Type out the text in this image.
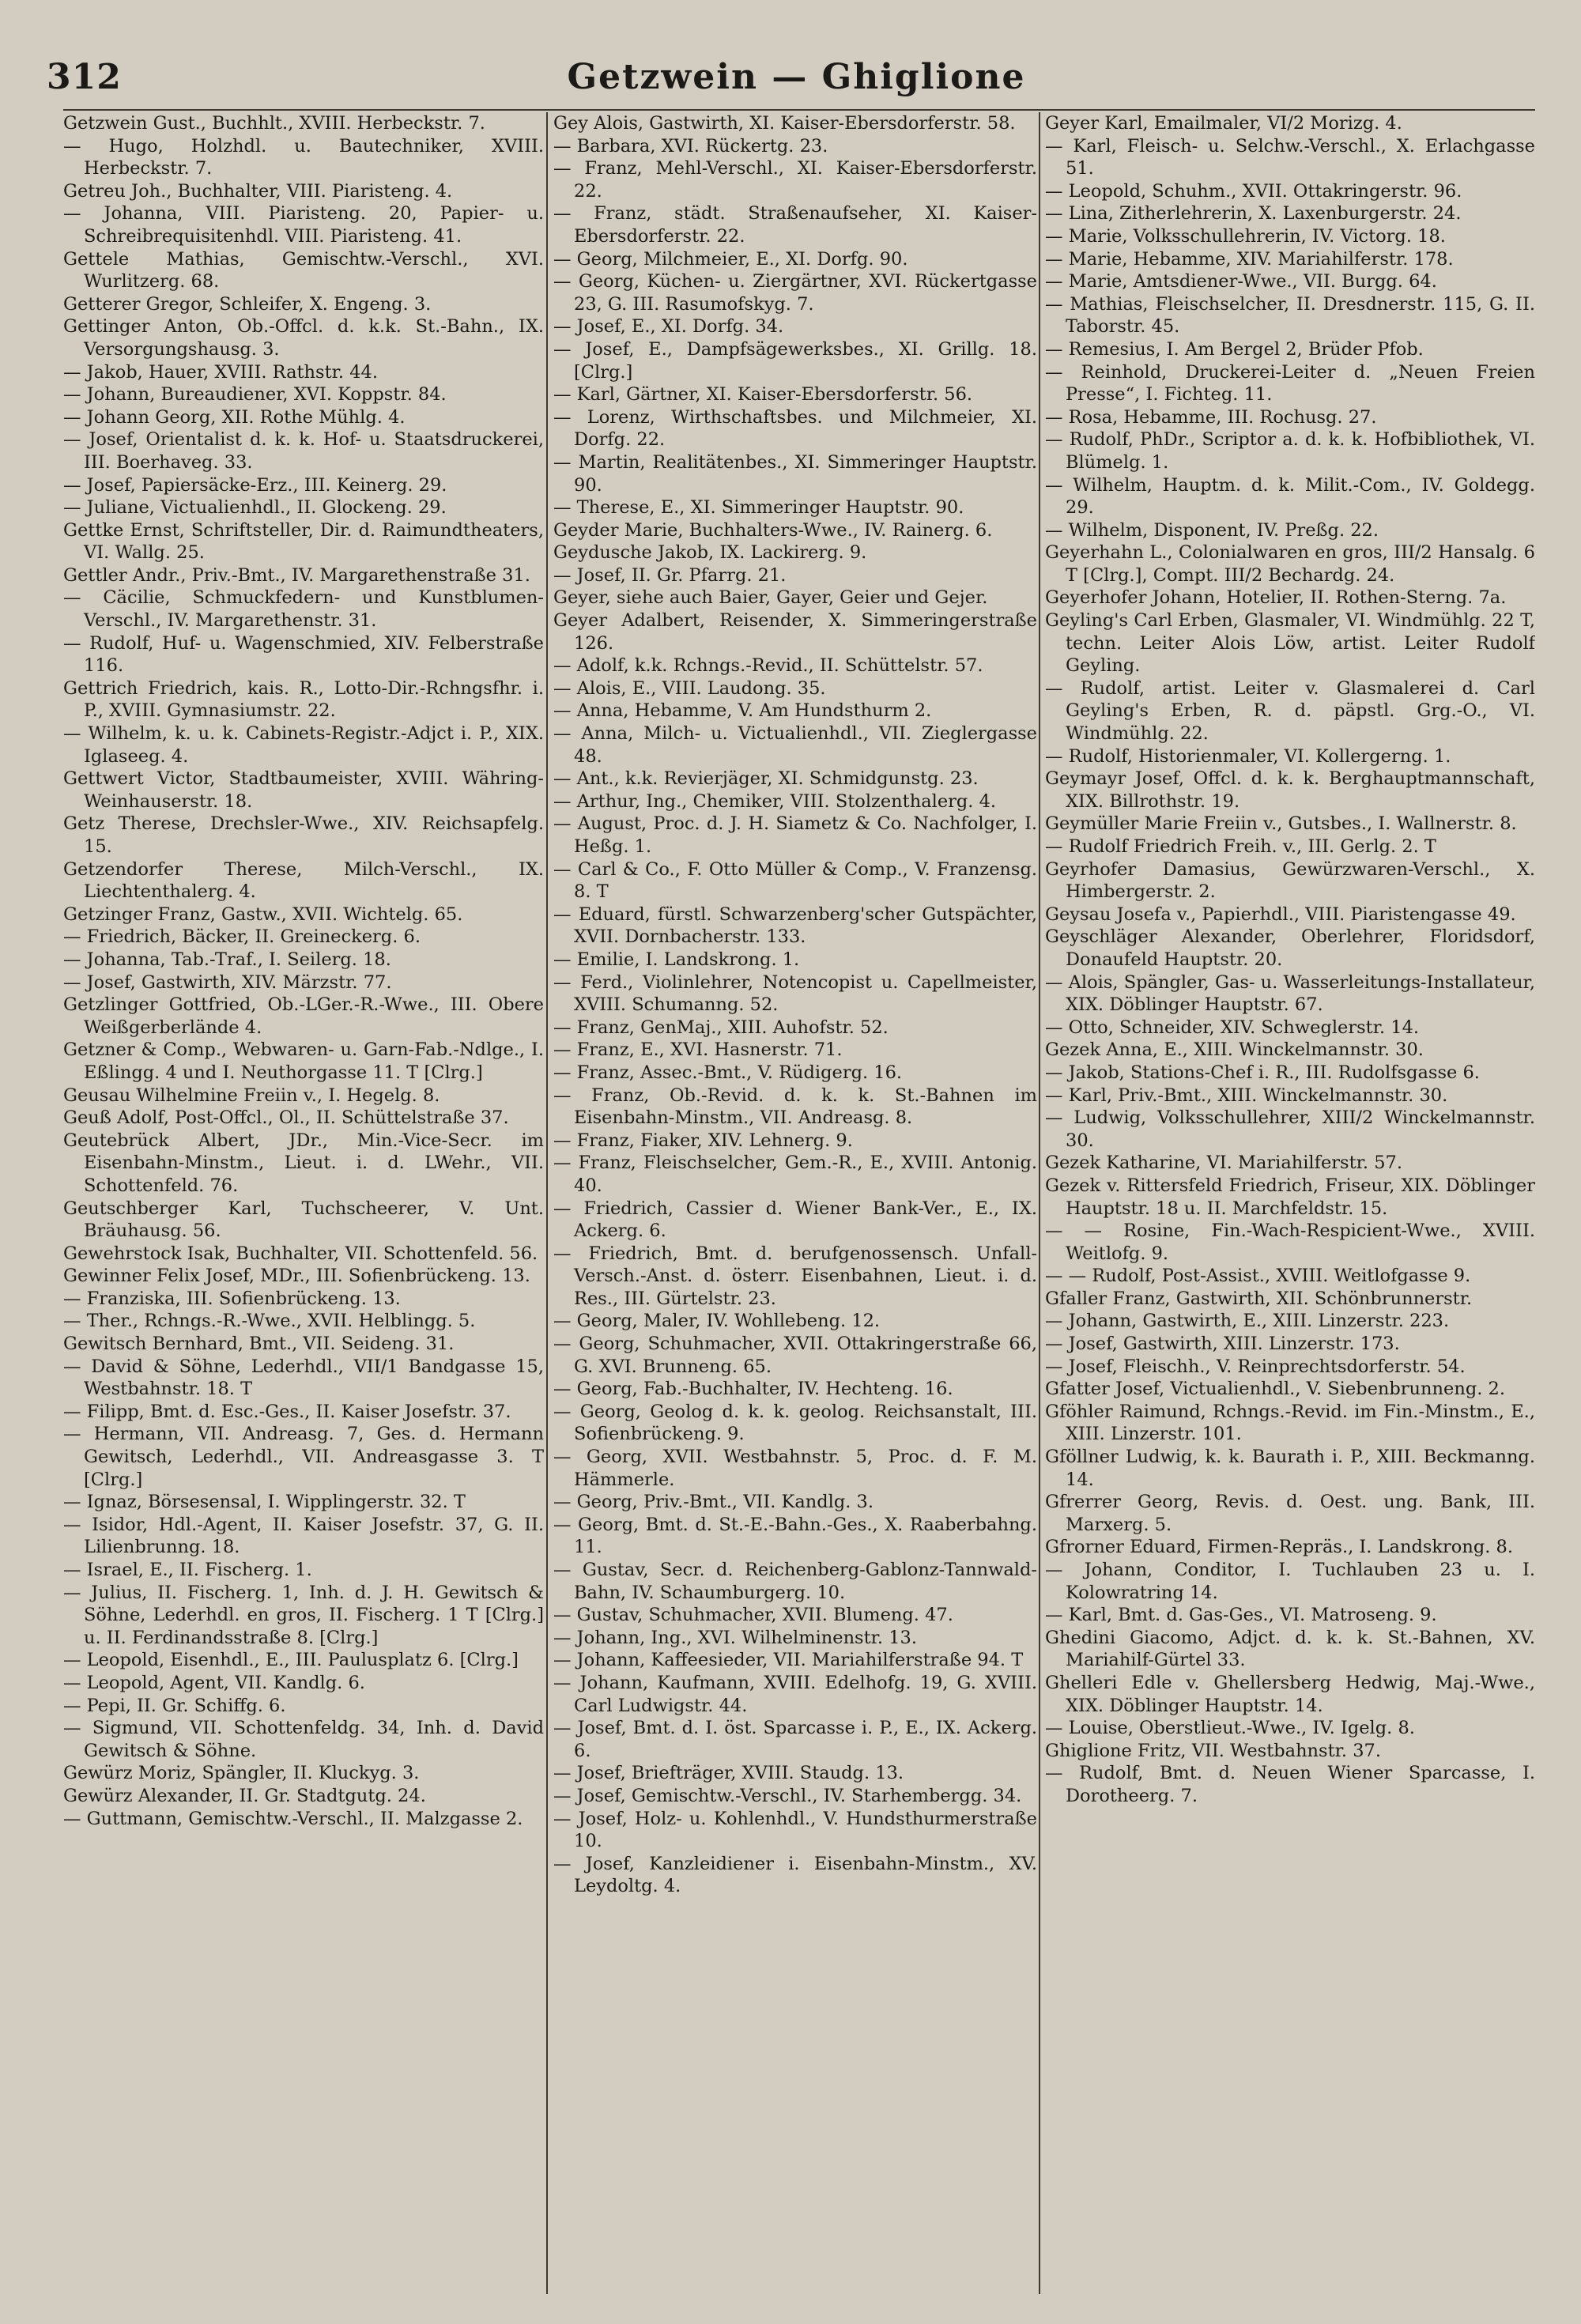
312	Getzwein — Ghiglione

Getzwein Gust., Buchhlt., XVIII. Herbeckstr. 7.

— Hugo, Holzhdl. u. Bautechniker, XVIII. Herbeckstr. 7.

Getreu Joh., Buchhalter, VIII. Piaristeng. 4.

— Johanna, VIII. Piaristeng. 20, Papier- u. Schreibrequisitenhdl. VIII. Piaristeng. 41.

Gettele Mathias, Gemischtw.-Verschl., XVI. Wurlitzerg. 68.

Getterer Gregor, Schleifer, X. Engeng. 3.

Gettinger Anton, Ob.-Offcl. d. k.k. St.-Bahn., IX. Versorgungshausg. 3.

— Jakob, Hauer, XVIII. Rathstr. 44.

— Johann, Bureaudiener, XVI. Koppstr. 84.

— Johann Georg, XII. Rothe Mühlg. 4.

— Josef, Orientalist d. k. k. Hof- u. Staatsdruckerei, III. Boerhaveg. 33.

— Josef, Papiersäcke-Erz., III. Keinerg. 29.

— Juliane, Victualienhdl., II. Glockeng. 29.

Gettke Ernst, Schriftsteller, Dir. d. Raimundtheaters, VI. Wallg. 25.

Gettler Andr., Priv.-Bmt., IV. Margarethenstraße 31.

— Cäcilie, Schmuckfedern- und Kunstblumen-Verschl., IV. Margarethenstr. 31.

— Rudolf, Huf- u. Wagenschmied, XIV. Felberstraße 116.

Gettrich Friedrich, kais. R., Lotto-Dir.-Rchngsfhr. i. P., XVIII. Gymnasiumstr. 22.

— Wilhelm, k. u. k. Cabinets-Registr.-Adjct i. P., XIX. Iglaseeg. 4.

Gettwert Victor, Stadtbaumeister, XVIII. Währing-Weinhauserstr. 18.

Getz Therese, Drechsler-Wwe., XIV. Reichsapfelg. 15.

Getzendorfer Therese, Milch-Verschl., IX. Liechtenthalerg. 4.

Getzinger Franz, Gastw., XVII. Wichtelg. 65.

— Friedrich, Bäcker, II. Greineckerg. 6.

— Johanna, Tab.-Traf., I. Seilerg. 18.

— Josef, Gastwirth, XIV. Märzstr. 77.

Getzlinger Gottfried, Ob.-LGer.-R.-Wwe., III. Obere Weißgerberlände 4.

Getzner & Comp., Webwaren- u. Garn-Fab.-Ndlge., I. Eßlingg. 4 und I. Neuthorgasse 11. T [Clrg.]

Geusau Wilhelmine Freiin v., I. Hegelg. 8.

Geuß Adolf, Post-Offcl., Ol., II. Schüttelstraße 37.

Geutebrück Albert, JDr., Min.-Vice-Secr. im Eisenbahn-Minstm., Lieut. i. d. LWehr., VII. Schottenfeld. 76.

Geutschberger Karl, Tuchscheerer, V. Unt. Bräuhausg. 56.

Gewehrstock Isak, Buchhalter, VII. Schottenfeld. 56.

Gewinner Felix Josef, MDr., III. Sofienbrückeng. 13.

— Franziska, III. Sofienbrückeng. 13.

— Ther., Rchngs.-R.-Wwe., XVII. Helblingg. 5.

Gewitsch Bernhard, Bmt., VII. Seideng. 31.

— David & Söhne, Lederhdl., VII/1 Bandgasse 15, Westbahnstr. 18. T

— Filipp, Bmt. d. Esc.-Ges., II. Kaiser Josefstr. 37.

— Hermann, VII. Andreasg. 7, Ges. d. Hermann Gewitsch, Lederhdl., VII. Andreasgasse 3. T [Clrg.]

— Ignaz, Börsesensal, I. Wipplingerstr. 32. T

— Isidor, Hdl.-Agent, II. Kaiser Josefstr. 37, G. II. Lilienbrunng. 18.

— Israel, E., II. Fischerg. 1.

— Julius, II. Fischerg. 1, Inh. d. J. H. Gewitsch & Söhne, Lederhdl. en gros, II. Fischerg. 1 T [Clrg.] u. II. Ferdinandsstraße 8. [Clrg.]

— Leopold, Eisenhdl., E., III. Paulusplatz 6. [Clrg.]

— Leopold, Agent, VII. Kandlg. 6.

— Pepi, II. Gr. Schiffg. 6.

— Sigmund, VII. Schottenfeldg. 34, Inh. d. David Gewitsch & Söhne.

Gewürz Moriz, Spängler, II. Kluckyg. 3.

Gewürz Alexander, II. Gr. Stadtgutg. 24.

— Guttmann, Gemischtw.-Verschl., II. Malzgasse 2.

Gey Alois, Gastwirth, XI. Kaiser-Ebersdorferstr. 58.

— Barbara, XVI. Rückertg. 23.

— Franz, Mehl-Verschl., XI. Kaiser-Ebersdorferstr. 22.

— Franz, städt. Straßenaufseher, XI. Kaiser-Ebersdorferstr. 22.

— Georg, Milchmeier, E., XI. Dorfg. 90.

— Georg, Küchen- u. Ziergärtner, XVI. Rückertgasse 23, G. III. Rasumofskyg. 7.

— Josef, E., XI. Dorfg. 34.

— Josef, E., Dampfsägewerksbes., XI. Grillg. 18. [Clrg.]

— Karl, Gärtner, XI. Kaiser-Ebersdorferstr. 56.

— Lorenz, Wirthschaftsbes. und Milchmeier, XI. Dorfg. 22.

— Martin, Realitätenbes., XI. Simmeringer Hauptstr. 90.

— Therese, E., XI. Simmeringer Hauptstr. 90.

Geyder Marie, Buchhalters-Wwe., IV. Rainerg. 6.

Geydusche Jakob, IX. Lackirerg. 9.

— Josef, II. Gr. Pfarrg. 21.

Geyer, siehe auch Baier, Gayer, Geier und Gejer.

Geyer Adalbert, Reisender, X. Simmeringerstraße 126.

— Adolf, k.k. Rchngs.-Revid., II. Schüttelstr. 57.

— Alois, E., VIII. Laudong. 35.

— Anna, Hebamme, V. Am Hundsthurm 2.

— Anna, Milch- u. Victualienhdl., VII. Zieglergasse 48.

— Ant., k.k. Revierjäger, XI. Schmidgunstg. 23.

— Arthur, Ing., Chemiker, VIII. Stolzenthalerg. 4.

— August, Proc. d. J. H. Siametz & Co. Nachfolger, I. Heßg. 1.

— Carl & Co., F. Otto Müller & Comp., V. Franzensg. 8. T

— Eduard, fürstl. Schwarzenberg'scher Gutspächter, XVII. Dornbacherstr. 133.

— Emilie, I. Landskrong. 1.

— Ferd., Violinlehrer, Notencopist u. Capellmeister, XVIII. Schumanng. 52.

— Franz, GenMaj., XIII. Auhofstr. 52.

— Franz, E., XVI. Hasnerstr. 71.

— Franz, Assec.-Bmt., V. Rüdigerg. 16.

— Franz, Ob.-Revid. d. k. k. St.-Bahnen im Eisenbahn-Minstm., VII. Andreasg. 8.

— Franz, Fiaker, XIV. Lehnerg. 9.

— Franz, Fleischselcher, Gem.-R., E., XVIII. Antonig. 40.

— Friedrich, Cassier d. Wiener Bank-Ver., E., IX. Ackerg. 6.

— Friedrich, Bmt. d. berufgenossensch. Unfall-Versch.-Anst. d. österr. Eisenbahnen, Lieut. i. d. Res., III. Gürtelstr. 23.

— Georg, Maler, IV. Wohllebeng. 12.

— Georg, Schuhmacher, XVII. Ottakringerstraße 66, G. XVI. Brunneng. 65.

— Georg, Fab.-Buchhalter, IV. Hechteng. 16.

— Georg, Geolog d. k. k. geolog. Reichsanstalt, III. Sofienbrückeng. 9.

— Georg, XVII. Westbahnstr. 5, Proc. d. F. M. Hämmerle.

— Georg, Priv.-Bmt., VII. Kandlg. 3.

— Georg, Bmt. d. St.-E.-Bahn.-Ges., X. Raaberbahng. 11.

— Gustav, Secr. d. Reichenberg-Gablonz-Tannwald-Bahn, IV. Schaumburgerg. 10.

— Gustav, Schuhmacher, XVII. Blumeng. 47.

— Johann, Ing., XVI. Wilhelminenstr. 13.

— Johann, Kaffeesieder, VII. Mariahilferstraße 94. T

— Johann, Kaufmann, XVIII. Edelhofg. 19, G. XVIII. Carl Ludwigstr. 44.

— Josef, Bmt. d. I. öst. Sparcasse i. P., E., IX. Ackerg. 6.

— Josef, Briefträger, XVIII. Staudg. 13.

— Josef, Gemischtw.-Verschl., IV. Starhembergg. 34.

— Josef, Holz- u. Kohlenhdl., V. Hundsthurmerstraße 10.

— Josef, Kanzleidiener i. Eisenbahn-Minstm., XV. Leydoltg. 4.

Geyer Karl, Emailmaler, VI/2 Morizg. 4.

— Karl, Fleisch- u. Selchw.-Verschl., X. Erlachgasse 51.

— Leopold, Schuhm., XVII. Ottakringerstr. 96.

— Lina, Zitherlehrerin, X. Laxenburgerstr. 24.

— Marie, Volksschullehrerin, IV. Victorg. 18.

— Marie, Hebamme, XIV. Mariahilferstr. 178.

— Marie, Amtsdiener-Wwe., VII. Burgg. 64.

— Mathias, Fleischselcher, II. Dresdnerstr. 115, G. II. Taborstr. 45.

— Remesius, I. Am Bergel 2, Brüder Pfob.

— Reinhold, Druckerei-Leiter d. „Neuen Freien Presse“, I. Fichteg. 11.

— Rosa, Hebamme, III. Rochusg. 27.

— Rudolf, PhDr., Scriptor a. d. k. k. Hofbibliothek, VI. Blümelg. 1.

— Wilhelm, Hauptm. d. k. Milit.-Com., IV. Goldegg. 29.

— Wilhelm, Disponent, IV. Preßg. 22.

Geyerhahn L., Colonialwaren en gros, III/2 Hansalg. 6 T [Clrg.], Compt. III/2 Bechardg. 24.

Geyerhofer Johann, Hotelier, II. Rothen-Sterng. 7a.

Geyling's Carl Erben, Glasmaler, VI. Windmühlg. 22 T, techn. Leiter Alois Löw, artist. Leiter Rudolf Geyling.

— Rudolf, artist. Leiter v. Glasmalerei d. Carl Geyling's Erben, R. d. päpstl. Grg.-O., VI. Windmühlg. 22.

— Rudolf, Historienmaler, VI. Kollergerng. 1.

Geymayr Josef, Offcl. d. k. k. Berghauptmannschaft, XIX. Billrothstr. 19.

Geymüller Marie Freiin v., Gutsbes., I. Wallnerstr. 8.

— Rudolf Friedrich Freih. v., III. Gerlg. 2. T

Geyrhofer Damasius, Gewürzwaren-Verschl., X. Himbergerstr. 2.

Geysau Josefa v., Papierhdl., VIII. Piaristengasse 49.

Geyschläger Alexander, Oberlehrer, Floridsdorf, Donaufeld Hauptstr. 20.

— Alois, Spängler, Gas- u. Wasserleitungs-Installateur, XIX. Döblinger Hauptstr. 67.

— Otto, Schneider, XIV. Schweglerstr. 14.

Gezek Anna, E., XIII. Winckelmannstr. 30.

— Jakob, Stations-Chef i. R., III. Rudolfsgasse 6.

— Karl, Priv.-Bmt., XIII. Winckelmannstr. 30.

— Ludwig, Volksschullehrer, XIII/2 Winckelmannstr. 30.

Gezek Katharine, VI. Mariahilferstr. 57.

Gezek v. Rittersfeld Friedrich, Friseur, XIX. Döblinger Hauptstr. 18 u. II. Marchfeldstr. 15.

— — Rosine, Fin.-Wach-Respicient-Wwe., XVIII. Weitlofg. 9.

— — Rudolf, Post-Assist., XVIII. Weitlofgasse 9.

Gfaller Franz, Gastwirth, XII. Schönbrunnerstr.

— Johann, Gastwirth, E., XIII. Linzerstr. 223.

— Josef, Gastwirth, XIII. Linzerstr. 173.

— Josef, Fleischh., V. Reinprechtsdorferstr. 54.

Gfatter Josef, Victualienhdl., V. Siebenbrunneng. 2.

Gföhler Raimund, Rchngs.-Revid. im Fin.-Minstm., E., XIII. Linzerstr. 101.

Gföllner Ludwig, k. k. Baurath i. P., XIII. Beckmanng. 14.

Gfrerrer Georg, Revis. d. Oest. ung. Bank, III. Marxerg. 5.

Gfrorner Eduard, Firmen-Repräs., I. Landskrong. 8.

— Johann, Conditor, I. Tuchlauben 23 u. I. Kolowratring 14.

— Karl, Bmt. d. Gas-Ges., VI. Matroseng. 9.

Ghedini Giacomo, Adjct. d. k. k. St.-Bahnen, XV. Mariahilf-Gürtel 33.

Ghelleri Edle v. Ghellersberg Hedwig, Maj.-Wwe., XIX. Döblinger Hauptstr. 14.

— Louise, Oberstlieut.-Wwe., IV. Igelg. 8.

Ghiglione Fritz, VII. Westbahnstr. 37.

— Rudolf, Bmt. d. Neuen Wiener Sparcasse, I. Dorotheerg. 7.
